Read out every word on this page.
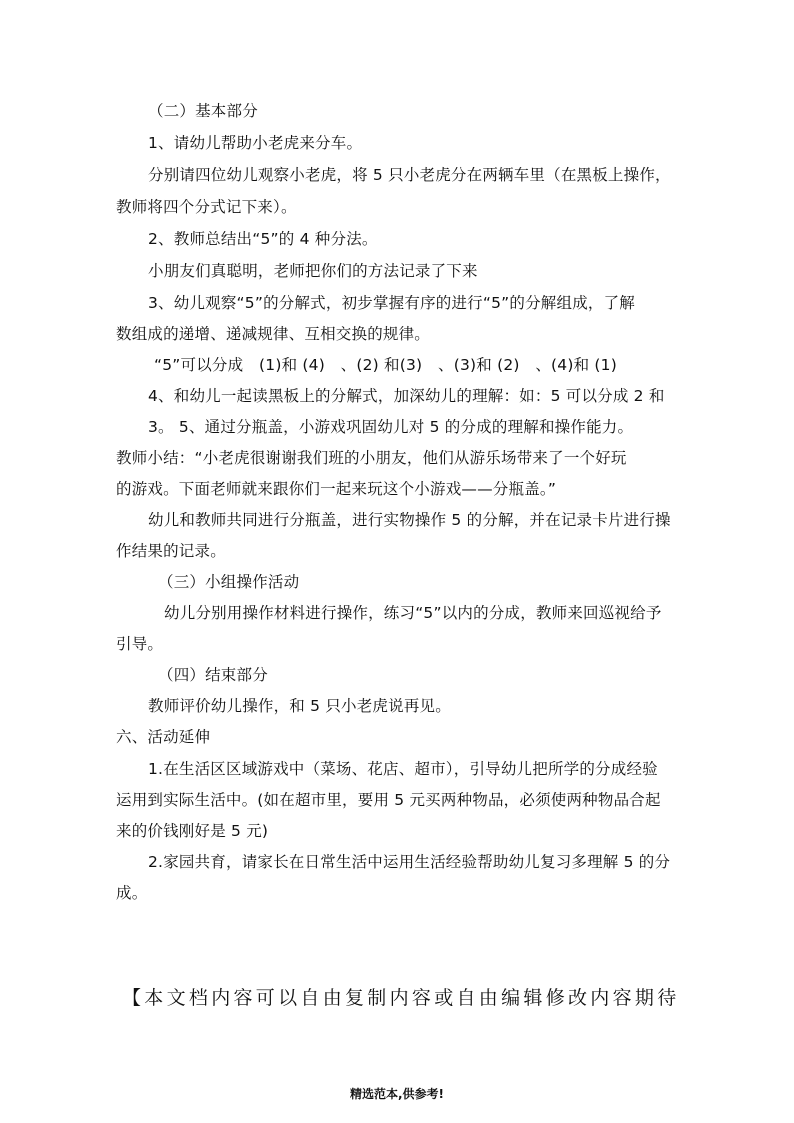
（二）基本部分
1、请幼儿帮助小老虎来分车。
分别请四位幼儿观察小老虎，将 5 只小老虎分在两辆车里（在黑板上操作，
教师将四个分式记下来）。
2、教师总结出“5”的 4 种分法。
小朋友们真聪明，老师把你们的方法记录了下来
3、幼儿观察“5”的分解式，初步掌握有序的进行“5”的分解组成，了解
数组成的递增、递减规律、互相交换的规律。
“5”可以分成　(1)和 (4)　、(2) 和(3)　、(3)和 (2)　、(4)和 (1)
4、和幼儿一起读黑板上的分解式，加深幼儿的理解：如：5 可以分成 2 和
3。 5、通过分瓶盖，小游戏巩固幼儿对 5 的分成的理解和操作能力。
教师小结：“小老虎很谢谢我们班的小朋友，他们从游乐场带来了一个好玩
的游戏。下面老师就来跟你们一起来玩这个小游戏——分瓶盖。”
幼儿和教师共同进行分瓶盖，进行实物操作 5 的分解，并在记录卡片进行操
作结果的记录。
（三）小组操作活动
幼儿分别用操作材料进行操作，练习“5”以内的分成，教师来回巡视给予
引导。
（四）结束部分
教师评价幼儿操作，和 5 只小老虎说再见。
六、活动延伸
1.在生活区区域游戏中（菜场、花店、超市），引导幼儿把所学的分成经验
运用到实际生活中。(如在超市里，要用 5 元买两种物品，必须使两种物品合起
来的价钱刚好是 5 元)
2.家园共育，请家长在日常生活中运用生活经验帮助幼儿复习多理解 5 的分
成。
【本文档内容可以自由复制内容或自由编辑修改内容期待
精选范本,供参考!
